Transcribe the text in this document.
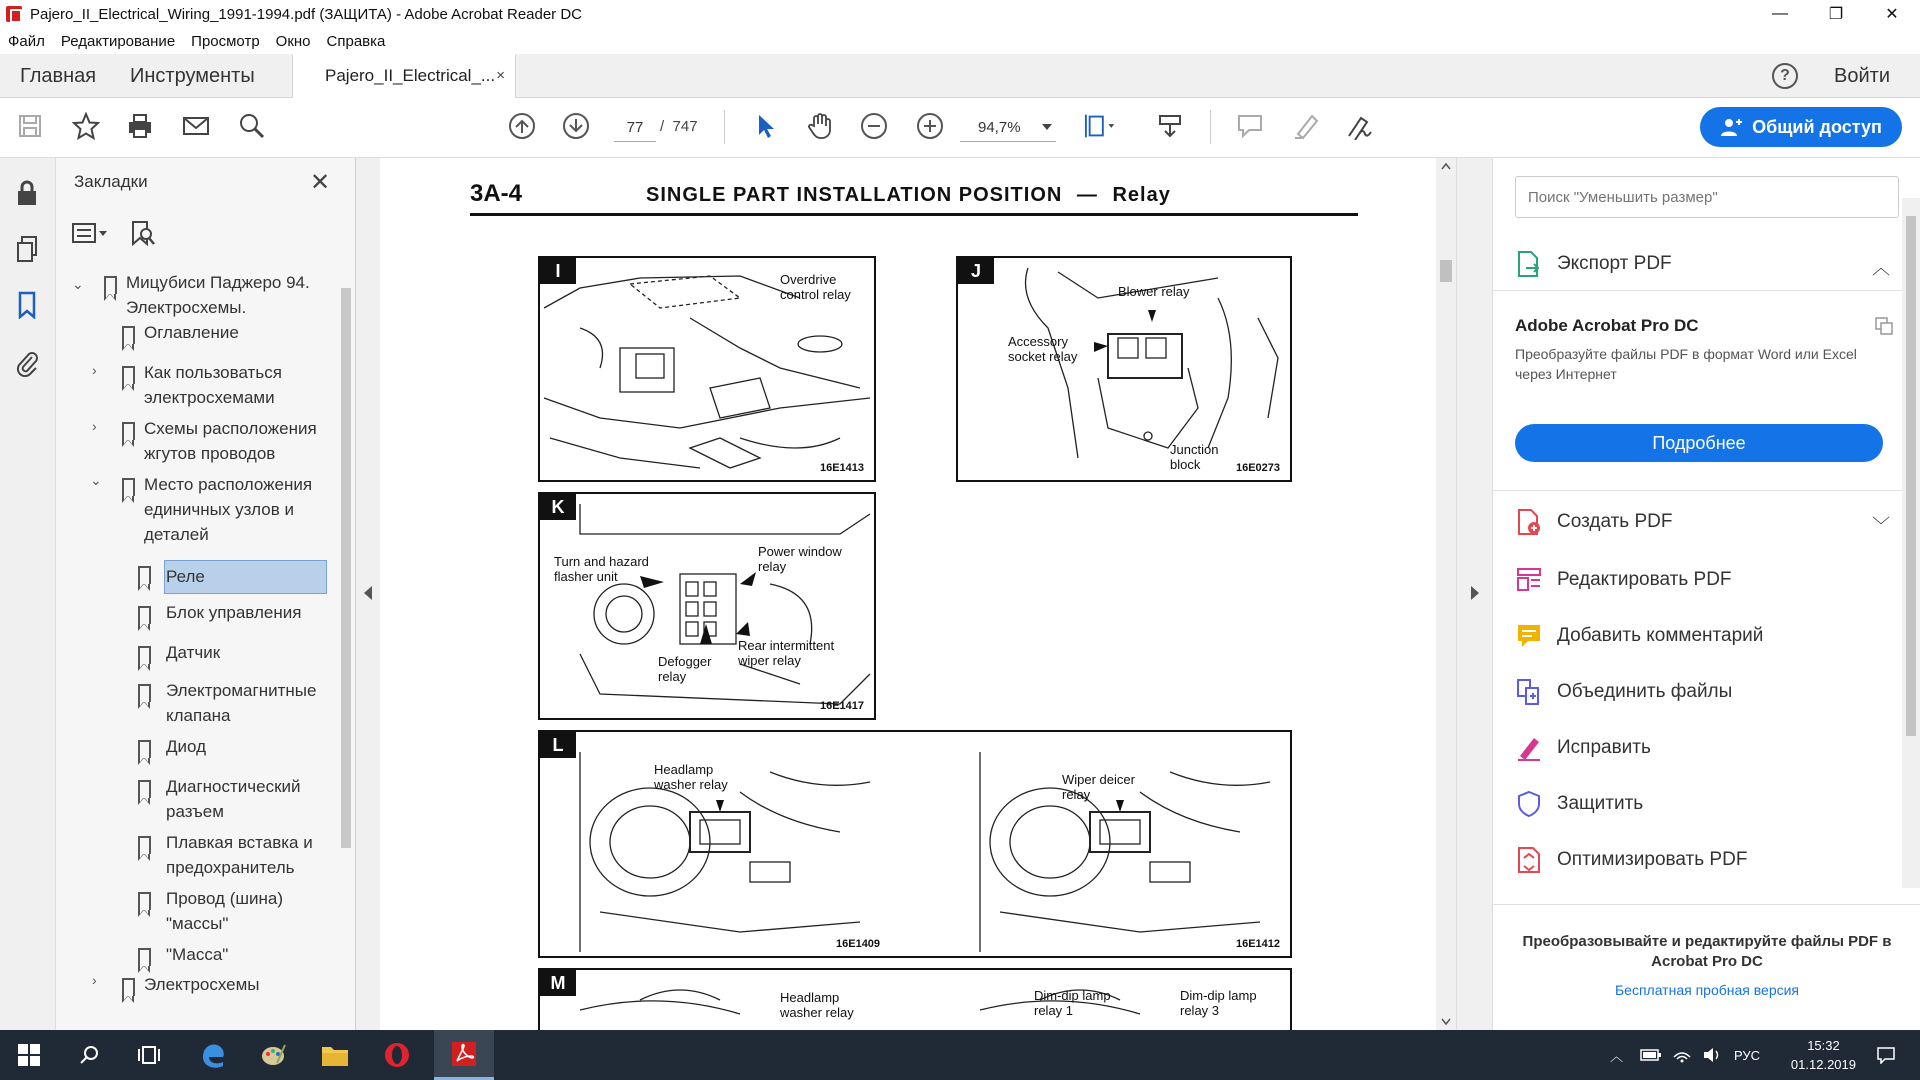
Pajero_II_Electrical_Wiring_1991-1994.pdf (ЗАЩИТА) - Adobe Acrobat Reader DC	—	❐	✕
Файл	Редактирование	Просмотр	Окно	Справка
Главная Инструменты	Pajero_II_Electrical_... ×	?	Войти
77
/ 747	94,7%	Общий доступ
Закладки	✕
⌄ Мицубиси Паджеро 94. Электросхемы.
Оглавление
›	Как пользоваться электросхемами
›	Схемы расположения жгутов проводов
⌄ Место расположения единичных узлов и деталей
Реле
Блок управления
Датчик
Электромагнитные клапана
Диод
Диагностический разъем
Плавкая вставка и предохранитель
Провод (шина) "массы"
"Масса"
›	Электросхемы
3A-4	SINGLE PART INSTALLATION POSITION — Relay
I	Overdrive control relay
16E1413
J
Blower relay
Accessory socket relay
Junction block	16E0273
K
Turn and hazard flasher unit
Power window relay
Defogger relay
Rear intermittent wiper relay
16E1417
L
Headlamp washer relay	Wiper deicer relay
16E1409	16E1412
M
Headlamp washer relay
Dim-dip lamp relay 1
Dim-dip lamp relay 3
Поиск "Уменьшить размер"
Экспорт PDF	︿
Adobe Acrobat Pro DC
Преобразуйте файлы PDF в формат Word или Excel через Интернет
Подробнее
Создать PDF	﹀
Редактировать PDF
Добавить комментарий
Объединить файлы
Исправить
Защитить
Оптимизировать PDF
Преобразовывайте и редактируйте файлы PDF в Acrobat Pro DC
Бесплатная пробная версия
︿	РУС
15:32
01.12.2019
